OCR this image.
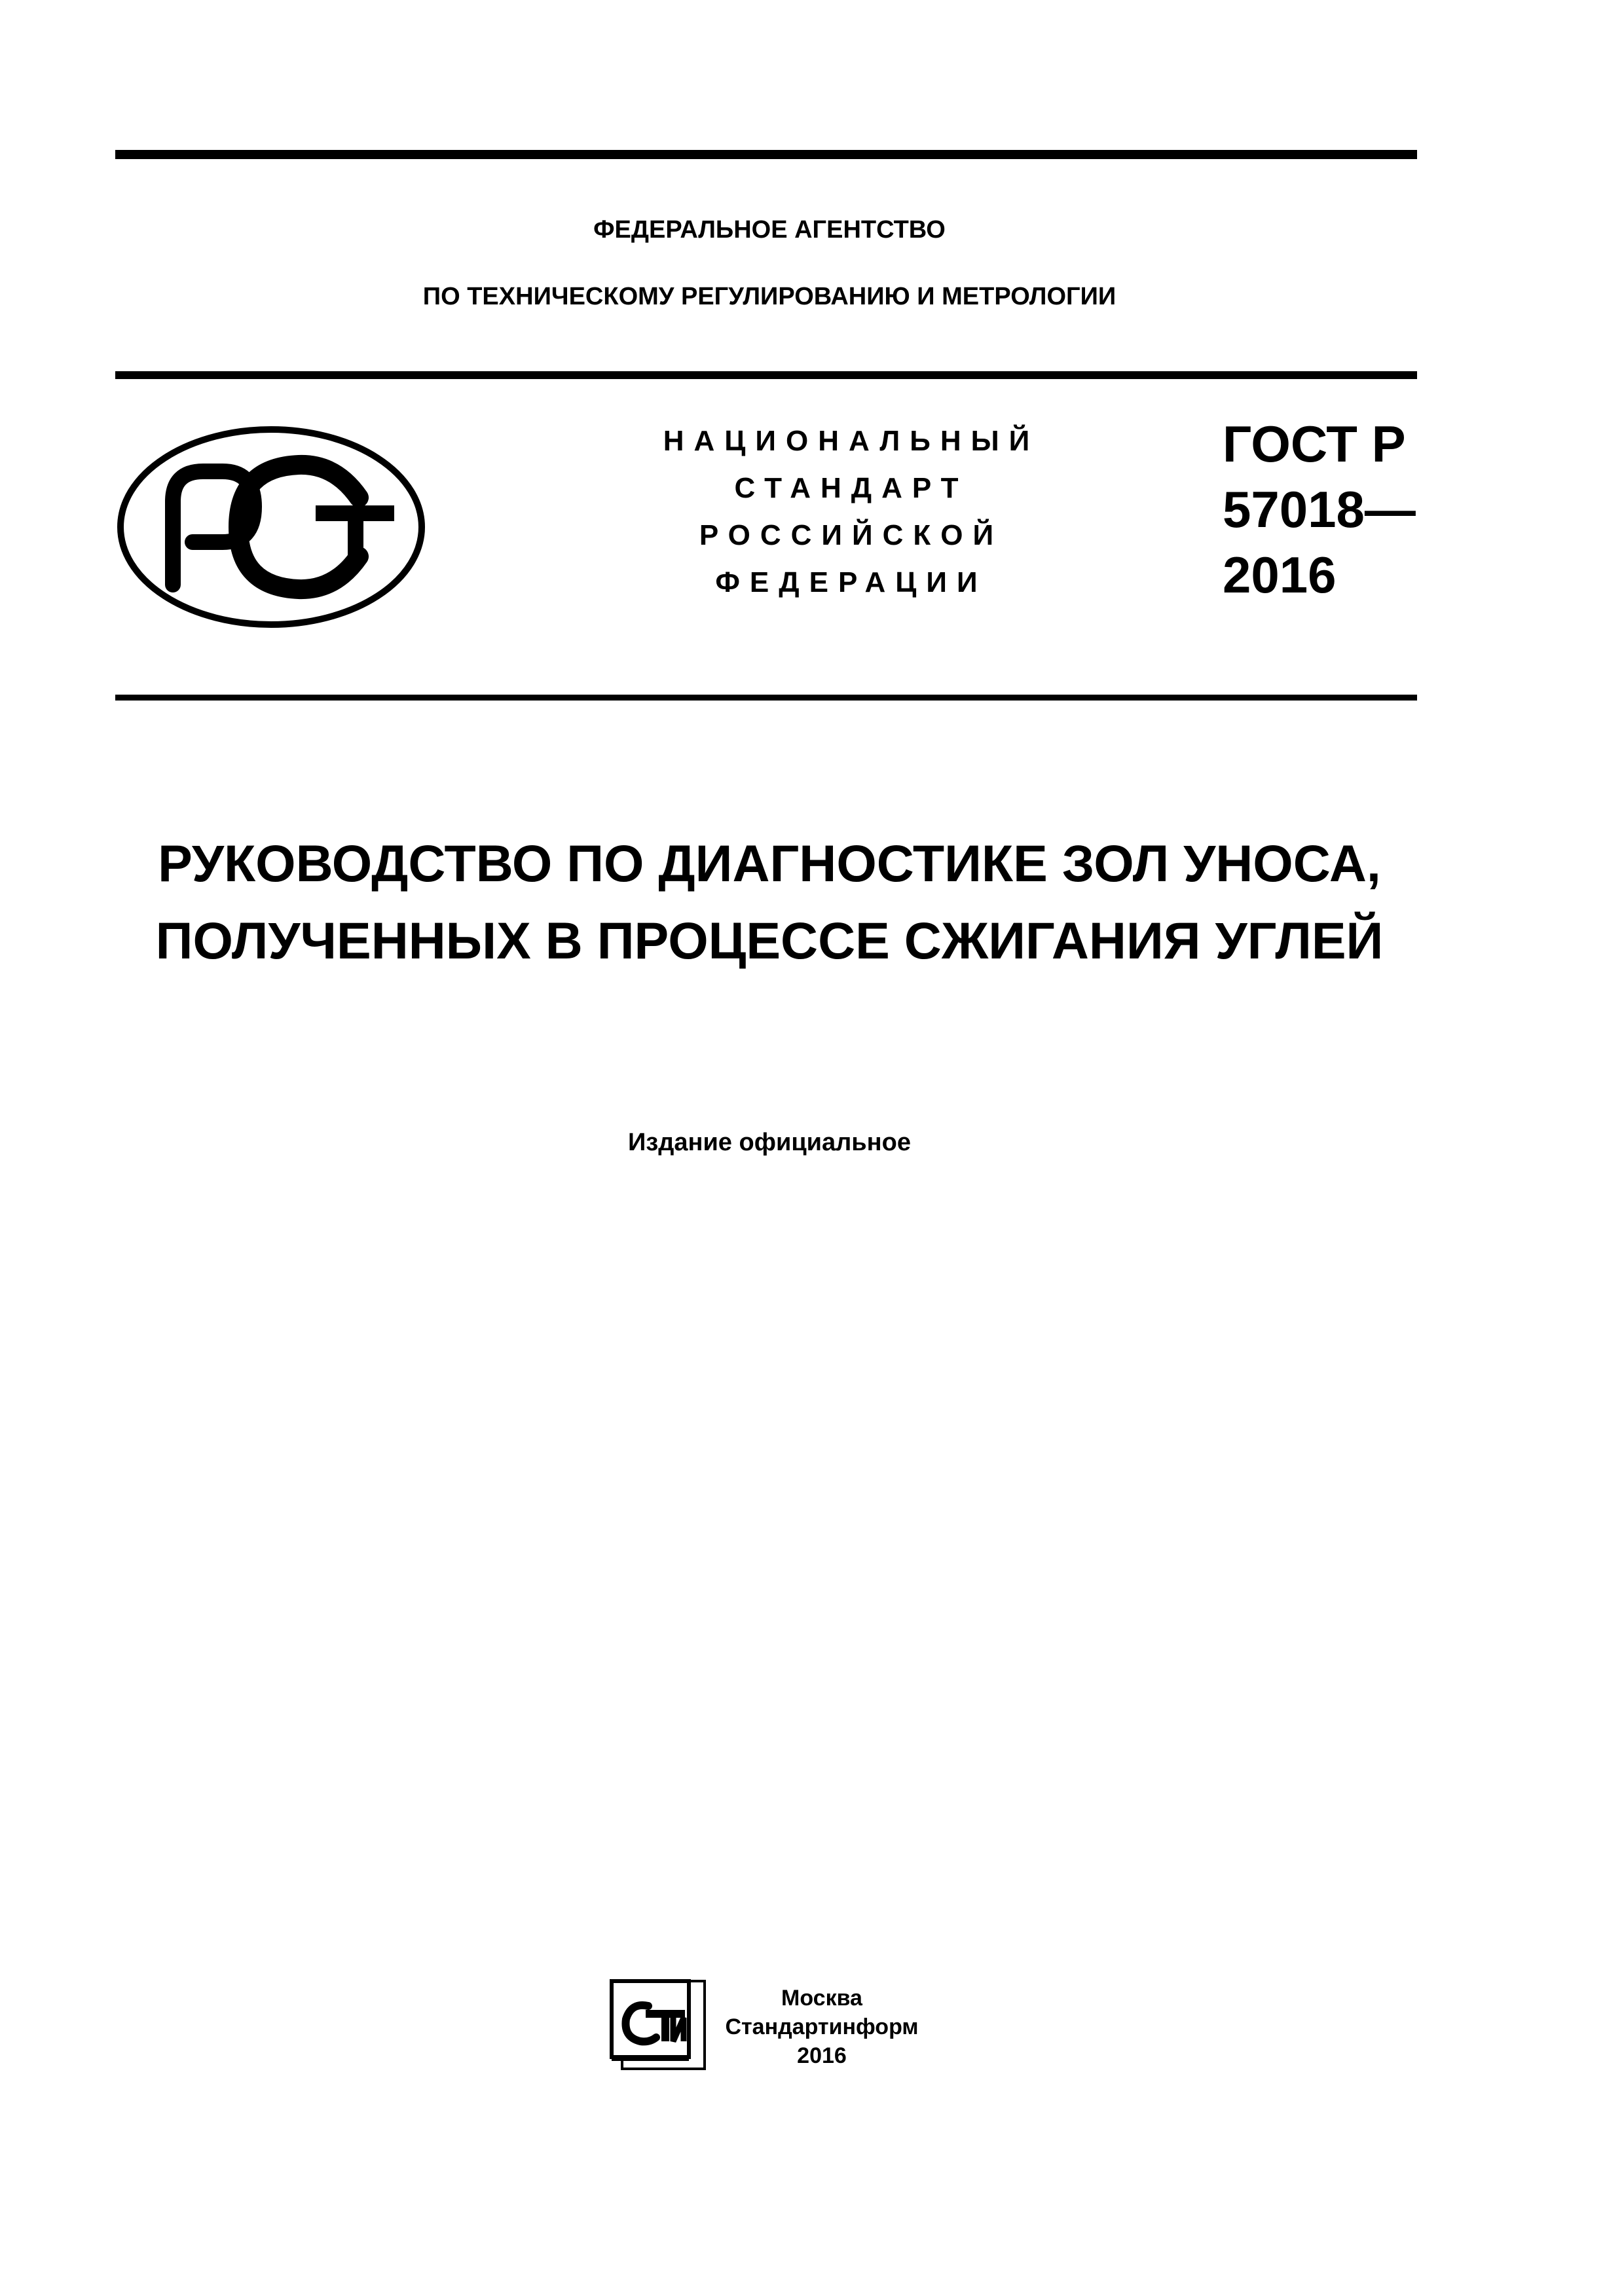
ФЕДЕРАЛЬНОЕ АГЕНТСТВО
ПО ТЕХНИЧЕСКОМУ РЕГУЛИРОВАНИЮ И МЕТРОЛОГИИ
НАЦИОНАЛЬНЫЙ
СТАНДАРТ
РОССИЙСКОЙ
ФЕДЕРАЦИИ
ГОСТ Р
57018—
2016
РУКОВОДСТВО ПО ДИАГНОСТИКЕ ЗОЛ УНОСА,
ПОЛУЧЕННЫХ В ПРОЦЕССЕ СЖИГАНИЯ УГЛЕЙ
Издание официальное
Москва
Стандартинформ
2016
